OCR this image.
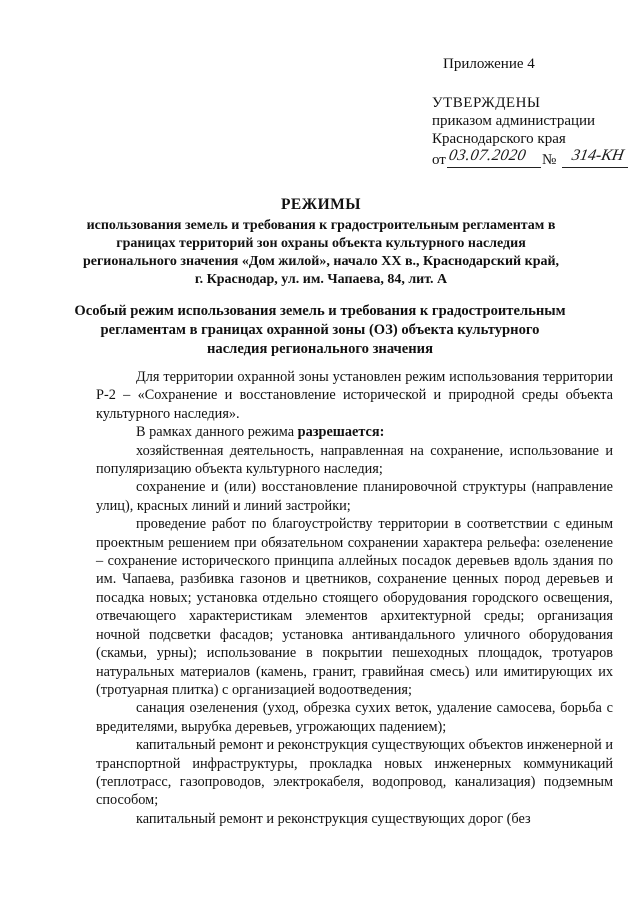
Приложение 4
УТВЕРЖДЕНЫ
приказом администрации
Краснодарского края
от 03.07.2020 № 314-КН
РЕЖИМЫ
использования земель и требования к градостроительным регламентам в
границах территорий зон охраны объекта культурного наследия
регионального значения «Дом жилой», начало XX в., Краснодарский край,
г. Краснодар, ул. им. Чапаева, 84, лит. А
Особый режим использования земель и требования к градостроительным
регламентам в границах охранной зоны (ОЗ) объекта культурного
наследия регионального значения

Для территории охранной зоны установлен режим использования территории Р-2 – «Сохранение и восстановление исторической и природной среды объекта культурного наследия».

В рамках данного режима разрешается:

хозяйственная деятельность, направленная на сохранение, использование и популяризацию объекта культурного наследия;

сохранение и (или) восстановление планировочной структуры (направление улиц), красных линий и линий застройки;

проведение работ по благоустройству территории в соответствии с единым проектным решением при обязательном сохранении характера рельефа: озеленение – сохранение исторического принципа аллейных посадок деревьев вдоль здания по им. Чапаева, разбивка газонов и цветников, сохранение ценных пород деревьев и посадка новых; установка отдельно стоящего оборудования городского освещения, отвечающего характеристикам элементов архитектурной среды; организация ночной подсветки фасадов; установка антивандального уличного оборудования (скамьи, урны); использование в покрытии пешеходных площадок, тротуаров натуральных материалов (камень, гранит, гравийная смесь) или имитирующих их (тротуарная плитка) с организацией водоотведения;

санация озеленения (уход, обрезка сухих веток, удаление самосева, борьба с вредителями, вырубка деревьев, угрожающих падением);

капитальный ремонт и реконструкция существующих объектов инженерной и транспортной инфраструктуры, прокладка новых инженерных коммуникаций (теплотрасс, газопроводов, электрокабеля, водопровод, канализация) подземным способом;

капитальный ремонт и реконструкция существующих дорог (без
